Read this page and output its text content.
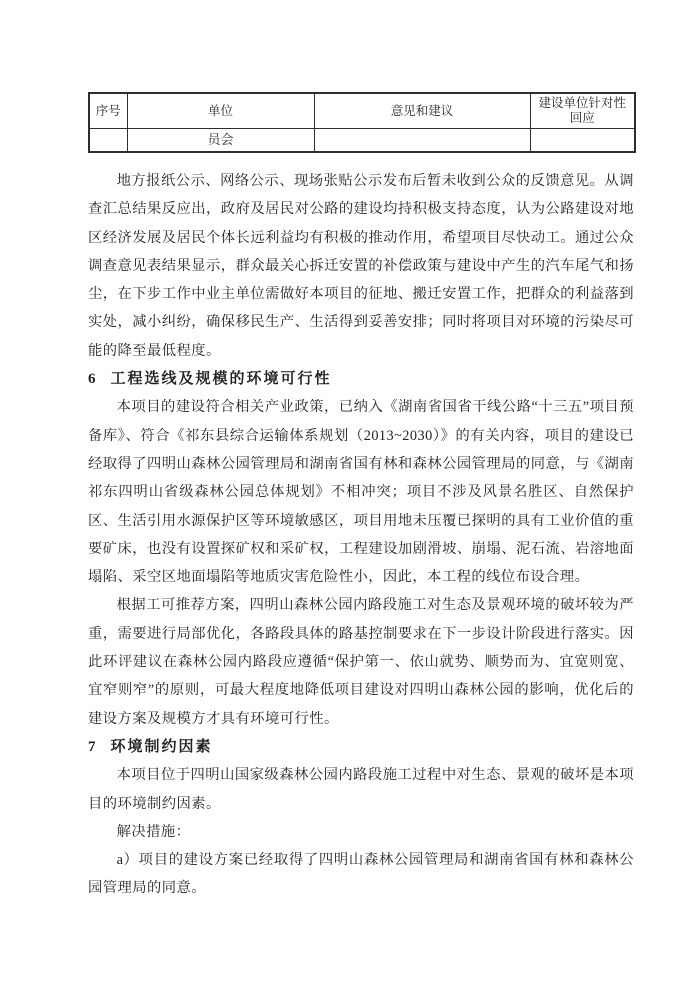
序号	单位	意见和建议	建设单位针对性回应
	员会		

地方报纸公示、网络公示、现场张贴公示发布后暂未收到公众的反馈意见。从调查汇总结果反应出，政府及居民对公路的建设均持积极支持态度，认为公路建设对地区经济发展及居民个体长远利益均有积极的推动作用，希望项目尽快动工。通过公众调查意见表结果显示，群众最关心拆迁安置的补偿政策与建设中产生的汽车尾气和扬尘，在下步工作中业主单位需做好本项目的征地、搬迁安置工作，把群众的利益落到实处，减小纠纷，确保移民生产、生活得到妥善安排；同时将项目对环境的污染尽可能的降至最低程度。

6 工程选线及规模的环境可行性

本项目的建设符合相关产业政策，已纳入《湖南省国省干线公路“十三五”项目预备库》、符合《祁东县综合运输体系规划（2013~2030）》的有关内容，项目的建设已经取得了四明山森林公园管理局和湖南省国有林和森林公园管理局的同意，与《湖南祁东四明山省级森林公园总体规划》不相冲突；项目不涉及风景名胜区、自然保护区、生活引用水源保护区等环境敏感区，项目用地未压覆已探明的具有工业价值的重要矿床，也没有设置探矿权和采矿权，工程建设加剧滑坡、崩塌、泥石流、岩溶地面塌陷、采空区地面塌陷等地质灾害危险性小，因此，本工程的线位布设合理。

根据工可推荐方案，四明山森林公园内路段施工对生态及景观环境的破坏较为严重，需要进行局部优化，各路段具体的路基控制要求在下一步设计阶段进行落实。因此环评建议在森林公园内路段应遵循“保护第一、依山就势、顺势而为、宜宽则宽、宜窄则窄”的原则，可最大程度地降低项目建设对四明山森林公园的影响，优化后的建设方案及规模方才具有环境可行性。

7 环境制约因素

本项目位于四明山国家级森林公园内路段施工过程中对生态、景观的破坏是本项目的环境制约因素。

解决措施：

a）项目的建设方案已经取得了四明山森林公园管理局和湖南省国有林和森林公园管理局的同意。
